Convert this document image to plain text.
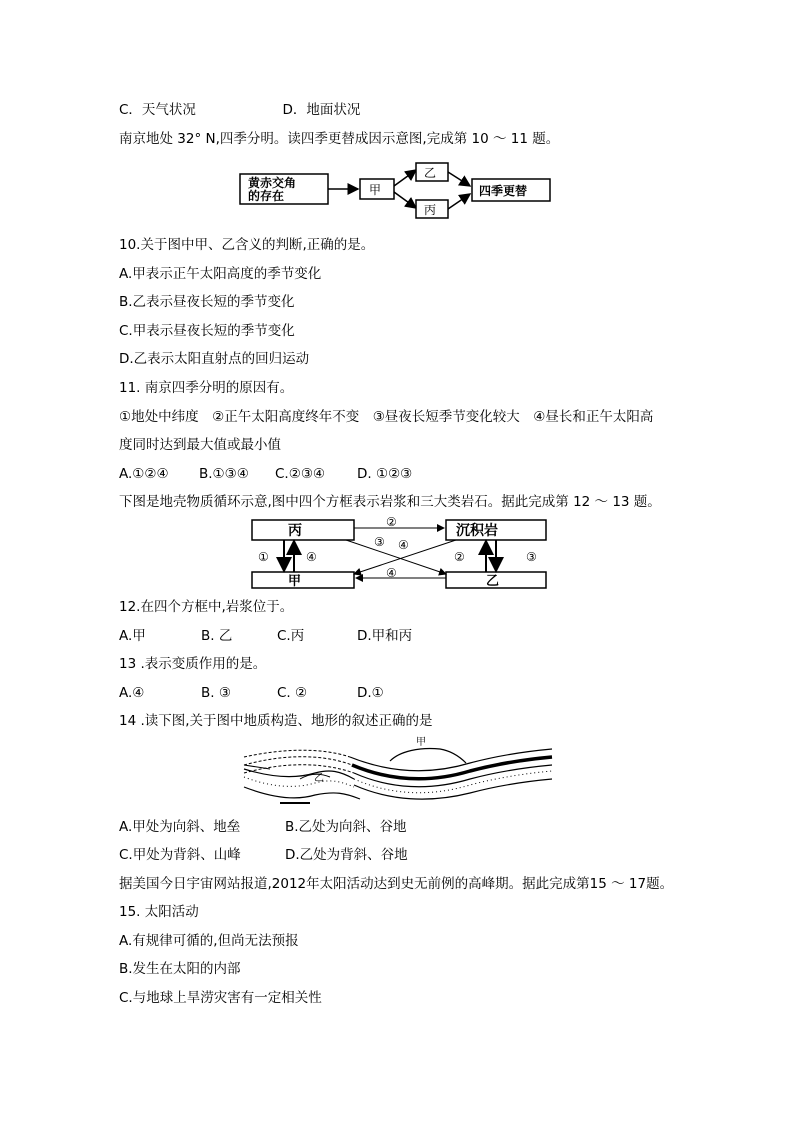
C．天气状况	D．地面状况
南京地处 32° N,四季分明。读四季更替成因示意图,完成第 10 ～ 11 题。
黄赤交角
的存在	甲
乙
丙
四季更替
10.关于图中甲、乙含义的判断,正确的是。
A.甲表示正午太阳高度的季节变化
B.乙表示昼夜长短的季节变化
C.甲表示昼夜长短的季节变化
D.乙表示太阳直射点的回归运动
11. 南京四季分明的原因有。
①地处中纬度　②正午太阳高度终年不变　③昼夜长短季节变化较大　④昼长和正午太阳高
度同时达到最大值或最小值
A.①②④ B.①③④ C.②③④ D. ①②③
下图是地壳物质循环示意,图中四个方框表示岩浆和三大类岩石。据此完成第 12 ～ 13 题。
丙	沉积岩
甲	乙
②
③ ④
④
①	④	②	③
12.在四个方框中,岩浆位于。
A.甲	B. 乙	C.丙	D.甲和丙
13 .表示变质作用的是。
A.④	B. ③	C. ②	D.①
14 .读下图,关于图中地质构造、地形的叙述正确的是
甲
乙
A.甲处为向斜、地垒	B.乙处为向斜、谷地
C.甲处为背斜、山峰	D.乙处为背斜、谷地
据美国今日宇宙网站报道,2012年太阳活动达到史无前例的高峰期。据此完成第15 ～ 17题。
15. 太阳活动
A.有规律可循的,但尚无法预报
B.发生在太阳的内部
C.与地球上旱涝灾害有一定相关性
